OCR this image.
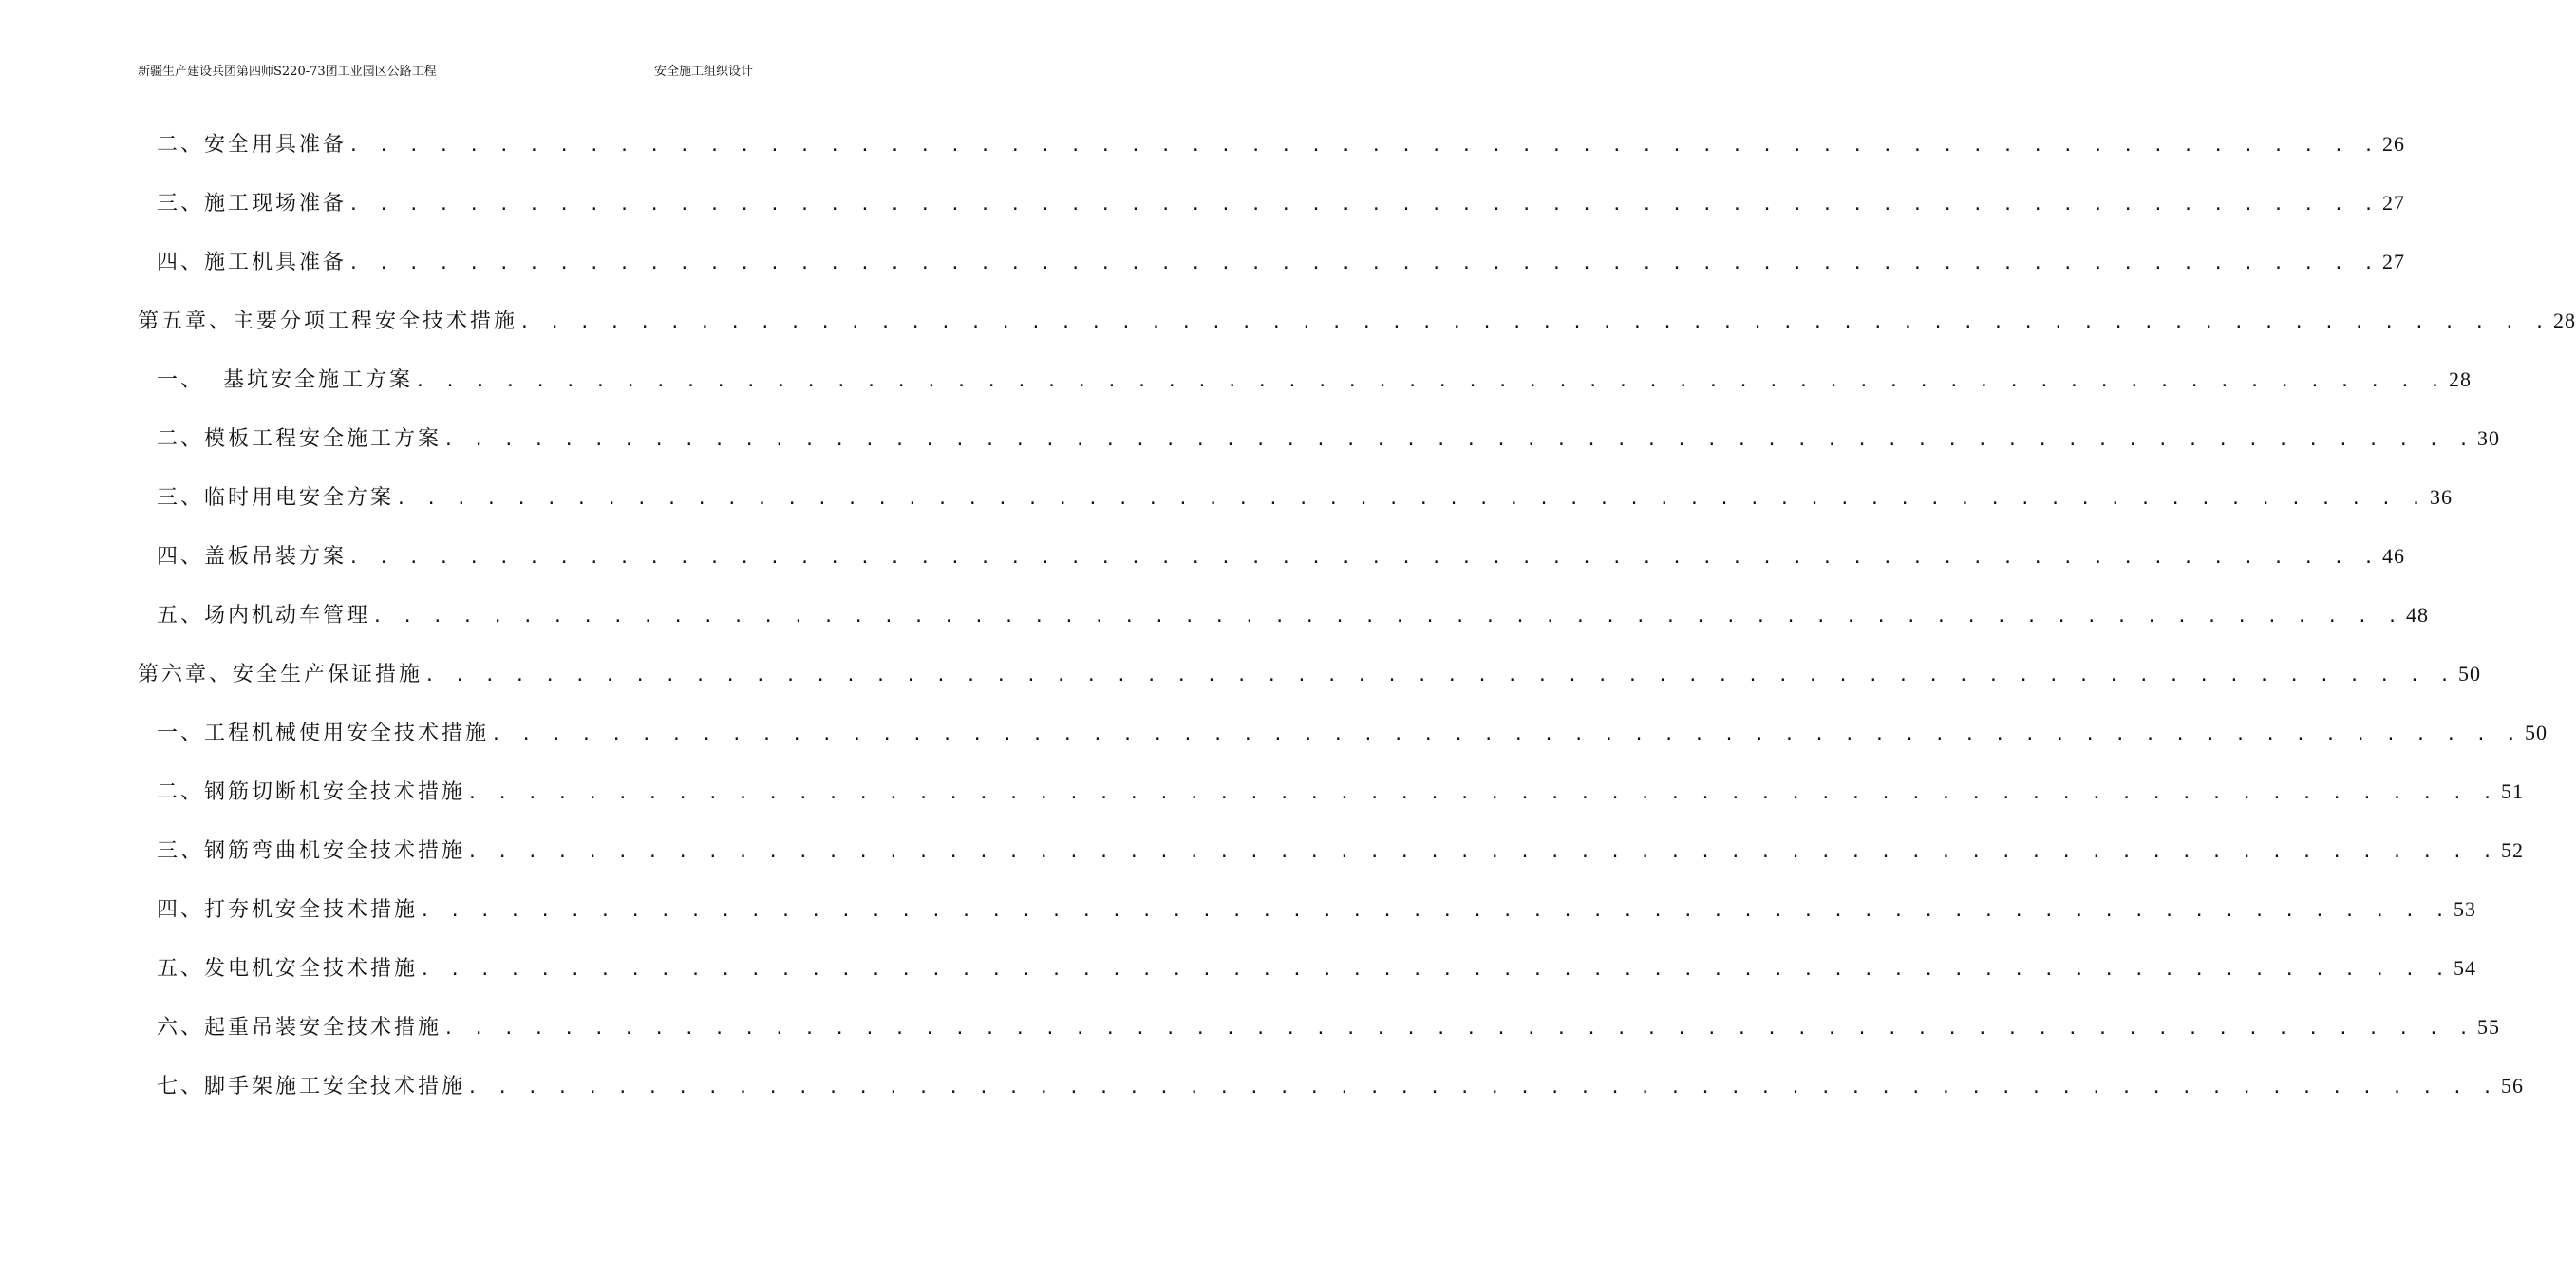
新疆生产建设兵团第四师S220-73团工业园区公路工程	安全施工组织设计
二、安全用具准备 . . . . . . . . . . . . . . . . . . . . . . . . . . . . . . . . . . . . . . . . . . . . . . . . . . . . . . . . . . . . . . . . . . . . 26
三、施工现场准备 . . . . . . . . . . . . . . . . . . . . . . . . . . . . . . . . . . . . . . . . . . . . . . . . . . . . . . . . . . . . . . . . . . . . 27
四、施工机具准备 . . . . . . . . . . . . . . . . . . . . . . . . . . . . . . . . . . . . . . . . . . . . . . . . . . . . . . . . . . . . . . . . . . . . 27
第五章、主要分项工程安全技术措施 . . . . . . . . . . . . . . . . . . . . . . . . . . . . . . . . . . . . . . . . . . . . . . . . . . . . . . . . . . . . . . . . . . . . 28
一、  基坑安全施工方案 . . . . . . . . . . . . . . . . . . . . . . . . . . . . . . . . . . . . . . . . . . . . . . . . . . . . . . . . . . . . . . . . . . . . 28
二、模板工程安全施工方案 . . . . . . . . . . . . . . . . . . . . . . . . . . . . . . . . . . . . . . . . . . . . . . . . . . . . . . . . . . . . . . . . . . . . 30
三、临时用电安全方案 . . . . . . . . . . . . . . . . . . . . . . . . . . . . . . . . . . . . . . . . . . . . . . . . . . . . . . . . . . . . . . . . . . . . 36
四、盖板吊装方案 . . . . . . . . . . . . . . . . . . . . . . . . . . . . . . . . . . . . . . . . . . . . . . . . . . . . . . . . . . . . . . . . . . . . 46
五、场内机动车管理 . . . . . . . . . . . . . . . . . . . . . . . . . . . . . . . . . . . . . . . . . . . . . . . . . . . . . . . . . . . . . . . . . . . . 48
第六章、安全生产保证措施 . . . . . . . . . . . . . . . . . . . . . . . . . . . . . . . . . . . . . . . . . . . . . . . . . . . . . . . . . . . . . . . . . . . . 50
一、工程机械使用安全技术措施 . . . . . . . . . . . . . . . . . . . . . . . . . . . . . . . . . . . . . . . . . . . . . . . . . . . . . . . . . . . . . . . . . . . . 50
二、钢筋切断机安全技术措施 . . . . . . . . . . . . . . . . . . . . . . . . . . . . . . . . . . . . . . . . . . . . . . . . . . . . . . . . . . . . . . . . . . . . 51
三、钢筋弯曲机安全技术措施 . . . . . . . . . . . . . . . . . . . . . . . . . . . . . . . . . . . . . . . . . . . . . . . . . . . . . . . . . . . . . . . . . . . . 52
四、打夯机安全技术措施 . . . . . . . . . . . . . . . . . . . . . . . . . . . . . . . . . . . . . . . . . . . . . . . . . . . . . . . . . . . . . . . . . . . . 53
五、发电机安全技术措施 . . . . . . . . . . . . . . . . . . . . . . . . . . . . . . . . . . . . . . . . . . . . . . . . . . . . . . . . . . . . . . . . . . . . 54
六、起重吊装安全技术措施 . . . . . . . . . . . . . . . . . . . . . . . . . . . . . . . . . . . . . . . . . . . . . . . . . . . . . . . . . . . . . . . . . . . . 55
七、脚手架施工安全技术措施 . . . . . . . . . . . . . . . . . . . . . . . . . . . . . . . . . . . . . . . . . . . . . . . . . . . . . . . . . . . . . . . . . . . . 56
